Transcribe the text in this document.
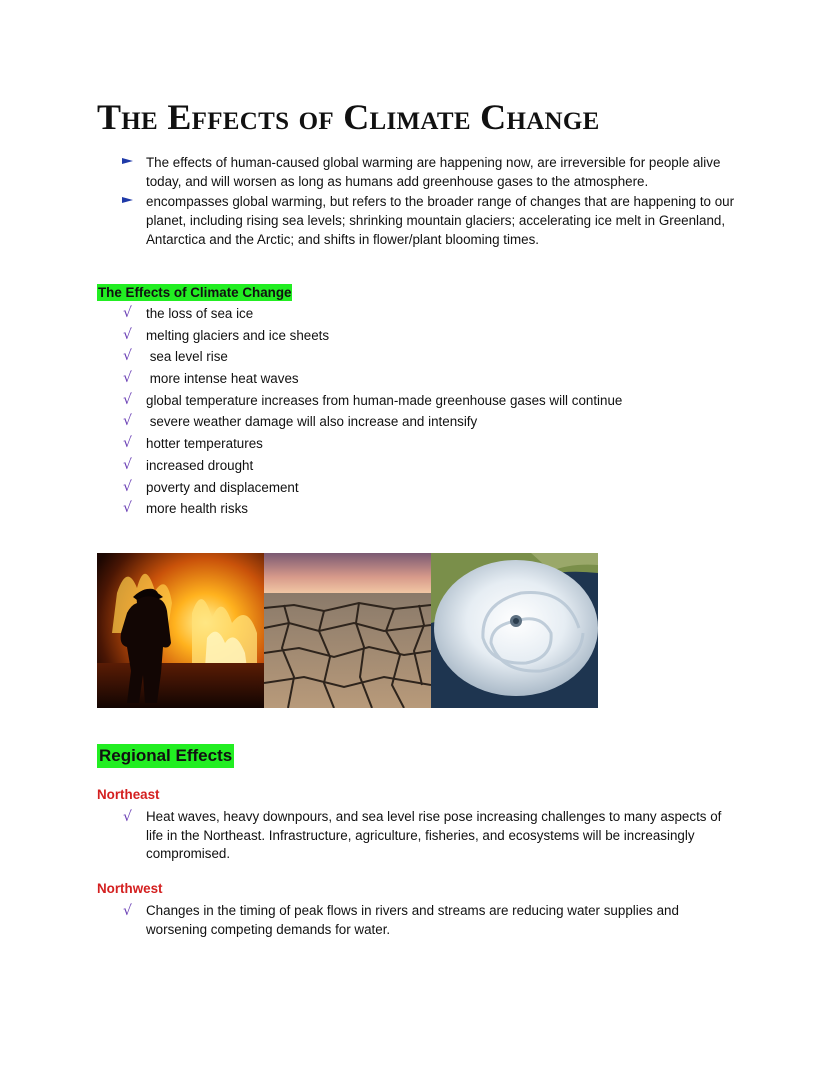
The Effects of Climate Change
The effects of human-caused global warming are happening now, are irreversible for people alive today, and will worsen as long as humans add greenhouse gases to the atmosphere.
encompasses global warming, but refers to the broader range of changes that are happening to our planet, including rising sea levels; shrinking mountain glaciers; accelerating ice melt in Greenland, Antarctica and the Arctic; and shifts in flower/plant blooming times.
The Effects of Climate Change
√ the loss of sea ice
√ melting glaciers and ice sheets
√ sea level rise
√ more intense heat waves
√ global temperature increases from human-made greenhouse gases will continue
√ severe weather damage will also increase and intensify
√ hotter temperatures
√ increased drought
√ poverty and displacement
√ more health risks
Regional Effects
Northeast
√ Heat waves, heavy downpours, and sea level rise pose increasing challenges to many aspects of life in the Northeast. Infrastructure, agriculture, fisheries, and ecosystems will be increasingly compromised.
Northwest
√ Changes in the timing of peak flows in rivers and streams are reducing water supplies and worsening competing demands for water.
